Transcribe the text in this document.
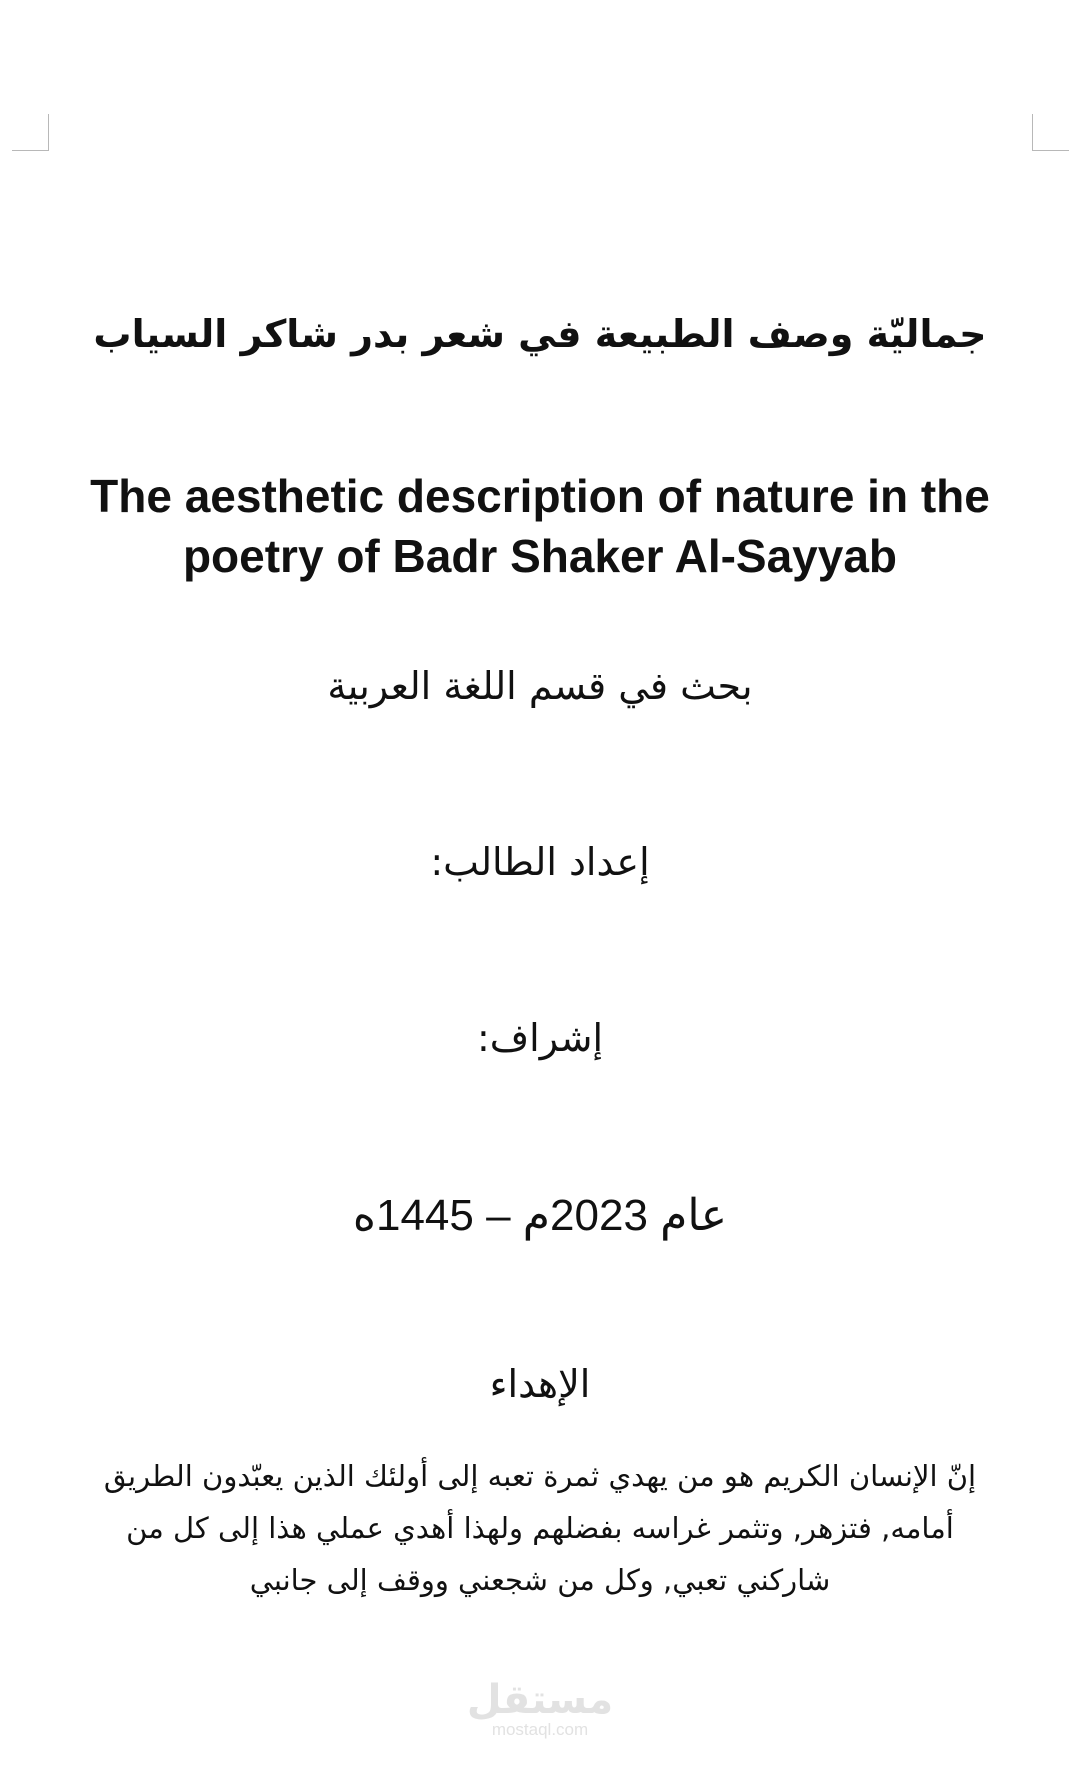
جماليّة وصف الطبيعة في شعر بدر شاكر السياب
The aesthetic description of nature in the poetry of Badr Shaker Al-Sayyab
بحث في قسم اللغة العربية
إعداد الطالب:
إشراف:
عام 2023م – 1445ه
الإهداء
إنّ الإنسان الكريم هو من يهدي ثمرة تعبه إلى أولئك الذين يعبّدون الطريق
أمامه, فتزهر, وتثمر غراسه بفضلهم ولهذا أهدي عملي هذا إلى كل من
شاركني تعبي, وكل من شجعني ووقف إلى جانبي
مستقل
mostaql.com
